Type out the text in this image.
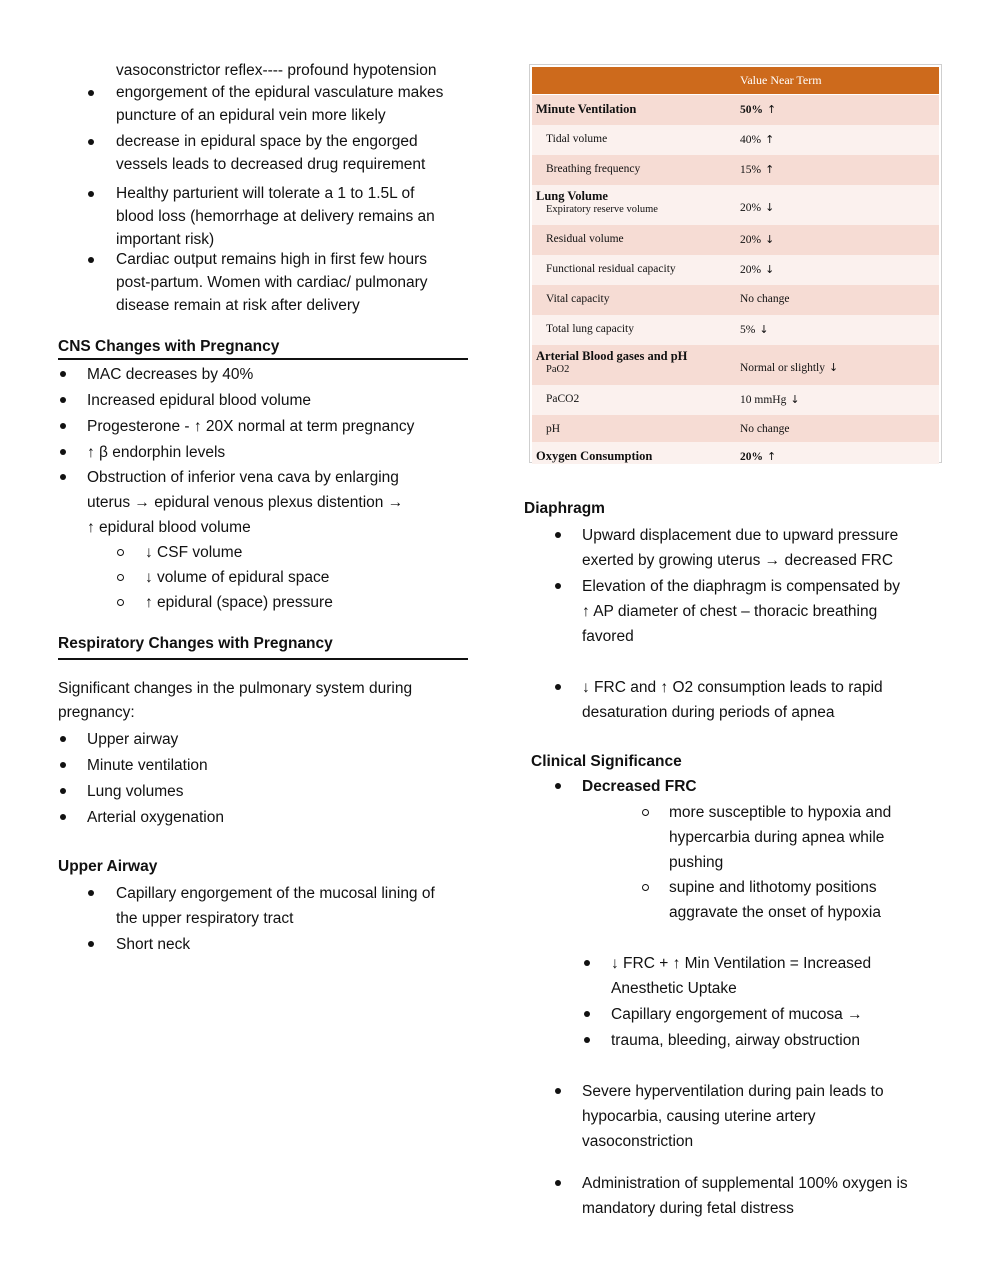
vasoconstrictor reflex---- profound hypotension
engorgement of the epidural vasculature makes
puncture of an epidural vein more likely
decrease in epidural space by the engorged
vessels leads to decreased drug requirement
Healthy parturient will tolerate a 1 to 1.5L of
blood loss (hemorrhage at delivery remains an
important risk)
Cardiac output remains high in first few hours
post-partum. Women with cardiac/ pulmonary
disease remain at risk after delivery
CNS Changes with Pregnancy
MAC decreases by 40%
Increased epidural blood volume
Progesterone - ↑ 20X normal at term pregnancy
↑ β endorphin levels
Obstruction of inferior vena cava by enlarging
uterus → epidural venous plexus distention →
↑ epidural blood volume
↓ CSF volume
↓ volume of epidural space
↑ epidural (space) pressure
Respiratory Changes with Pregnancy
Significant changes in the pulmonary system during
pregnancy:
Upper airway
Minute ventilation
Lung volumes
Arterial oxygenation
Upper Airway
Capillary engorgement of the mucosal lining of
the upper respiratory tract
Short neck
Value Near Term
Minute Ventilation	50% ↑
Tidal volume	40% ↑
Breathing frequency	15% ↑
Lung Volume
Expiratory reserve volume	20% ↓
Residual volume	20% ↓
Functional residual capacity	20% ↓
Vital capacity	No change
Total lung capacity	5% ↓
Arterial Blood gases and pH
PaO2	Normal or slightly ↓
PaCO2	10 mmHg ↓
pH	No change
Oxygen Consumption	20% ↑
Diaphragm
Upward displacement due to upward pressure
exerted by growing uterus → decreased FRC
Elevation of the diaphragm is compensated by
↑ AP diameter of chest – thoracic breathing
favored
↓ FRC and ↑ O2 consumption leads to rapid
desaturation during periods of apnea
Clinical Significance
Decreased FRC
more susceptible to hypoxia and
hypercarbia during apnea while
pushing
supine and lithotomy positions
aggravate the onset of hypoxia
↓ FRC + ↑ Min Ventilation = Increased
Anesthetic Uptake
Capillary engorgement of mucosa →
trauma, bleeding, airway obstruction
Severe hyperventilation during pain leads to
hypocarbia, causing uterine artery
vasoconstriction
Administration of supplemental 100% oxygen is
mandatory during fetal distress
